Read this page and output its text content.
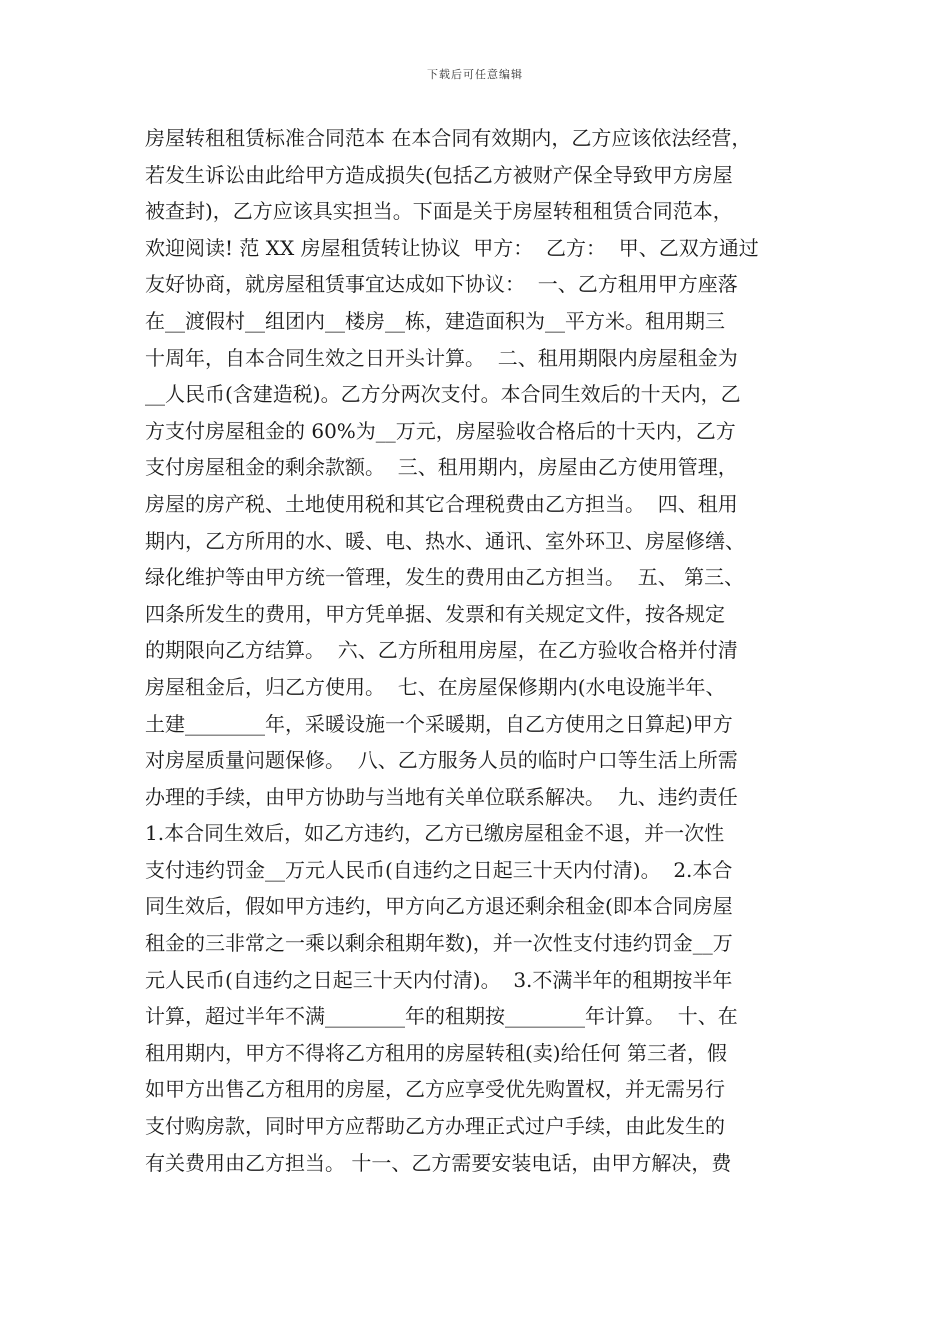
下载后可任意编辑
房屋转租租赁标准合同范本 在本合同有效期内，乙方应该依法经营，
若发生诉讼由此给甲方造成损失(包括乙方被财产保全导致甲方房屋
被查封)，乙方应该具实担当。下面是关于房屋转租租赁合同范本，
欢迎阅读! 范 XX 房屋租赁转让协议  甲方：  乙方：  甲、乙双方通过
友好协商，就房屋租赁事宜达成如下协议：  一、乙方租用甲方座落
在__渡假村__组团内__楼房__栋，建造面积为__平方米。租用期三
十周年，自本合同生效之日开头计算。  二、租用期限内房屋租金为
__人民币(含建造税)。乙方分两次支付。本合同生效后的十天内，乙
方支付房屋租金的 60%为__万元，房屋验收合格后的十天内，乙方
支付房屋租金的剩余款额。  三、租用期内，房屋由乙方使用管理，
房屋的房产税、土地使用税和其它合理税费由乙方担当。  四、租用
期内，乙方所用的水、暖、电、热水、通讯、室外环卫、房屋修缮、
绿化维护等由甲方统一管理，发生的费用由乙方担当。  五、 第三、
四条所发生的费用，甲方凭单据、发票和有关规定文件，按各规定
的期限向乙方结算。  六、乙方所租用房屋，在乙方验收合格并付清
房屋租金后，归乙方使用。  七、在房屋保修期内(水电设施半年、
土建________年，采暖设施一个采暖期，自乙方使用之日算起)甲方
对房屋质量问题保修。  八、乙方服务人员的临时户口等生活上所需
办理的手续，由甲方协助与当地有关单位联系解决。  九、违约责任
1.本合同生效后，如乙方违约，乙方已缴房屋租金不退，并一次性
支付违约罚金__万元人民币(自违约之日起三十天内付清)。  2.本合
同生效后，假如甲方违约，甲方向乙方退还剩余租金(即本合同房屋
租金的三非常之一乘以剩余租期年数)，并一次性支付违约罚金__万
元人民币(自违约之日起三十天内付清)。  3.不满半年的租期按半年
计算，超过半年不满________年的租期按________年计算。  十、在
租用期内，甲方不得将乙方租用的房屋转租(卖)给任何 第三者，假
如甲方出售乙方租用的房屋，乙方应享受优先购置权，并无需另行
支付购房款，同时甲方应帮助乙方办理正式过户手续，由此发生的
有关费用由乙方担当。 十一、乙方需要安装电话，由甲方解决，费
